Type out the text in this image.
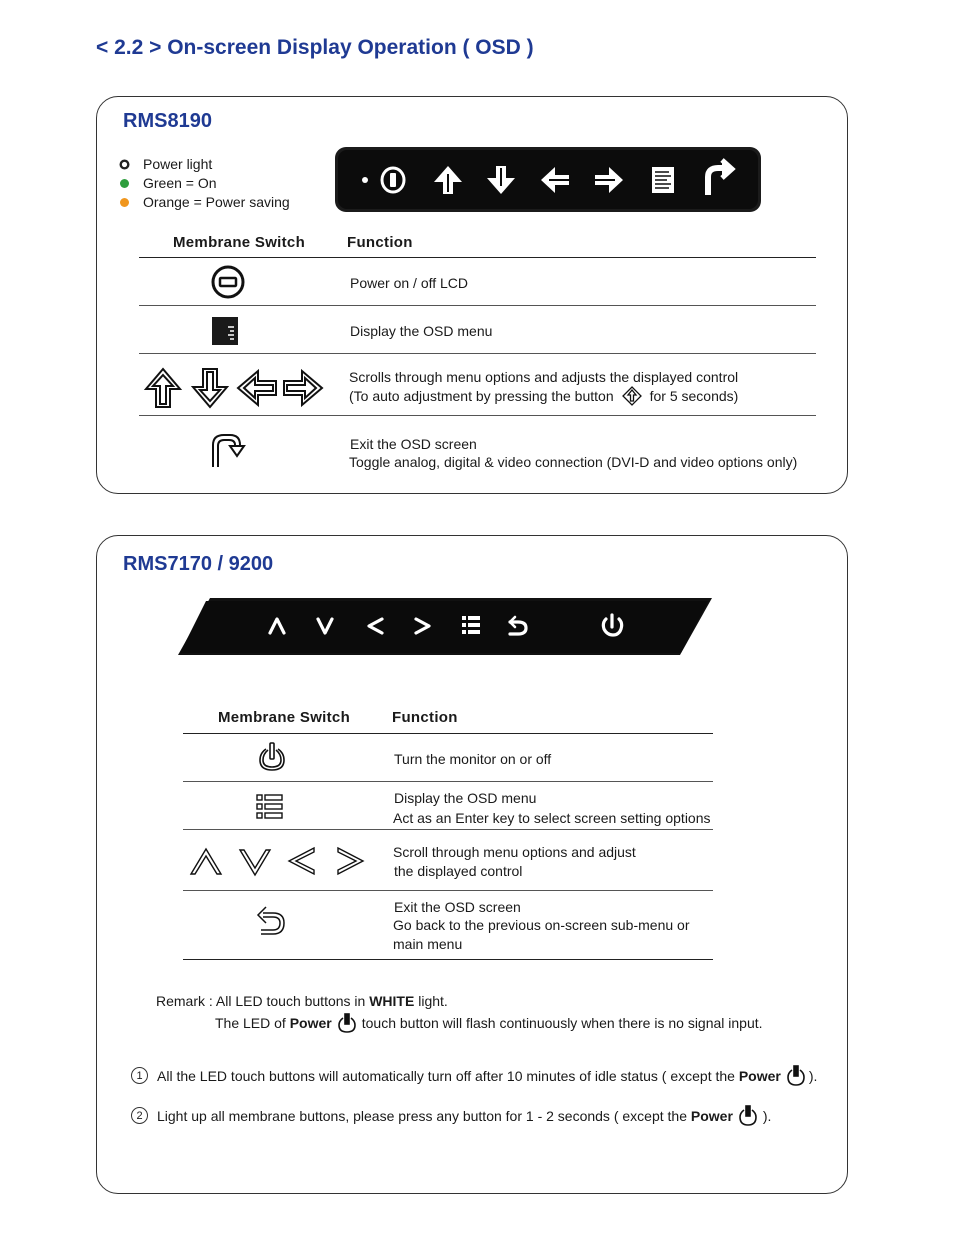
< 2.2 > On-screen Display Operation ( OSD )
RMS8190
Power light
Green = On
Orange = Power saving
Membrane Switch	Function
Power on / off LCD
Display the OSD menu
Scrolls through menu options and adjusts the displayed control
(To auto adjustment by pressing the button	for 5 seconds)
Exit the OSD screen
Toggle analog, digital & video connection (DVI-D and video options only)
RMS7170 / 9200
Membrane Switch	Function
Turn the monitor on or off
Display the OSD menu
Act as an Enter key to select screen setting options
Scroll through menu options and adjust
the displayed control
Exit the OSD screen
Go back to the previous on-screen sub-menu or
main menu
Remark : All LED touch buttons in WHITE light.
The LED of
Power touch button will flash continuously when there is no signal input.
1	All the LED touch buttons will automatically turn off after 10 minutes of idle status ( except the
Power ).
2	Light up all membrane buttons, please press any button for 1 - 2 seconds ( except the
Power ).
